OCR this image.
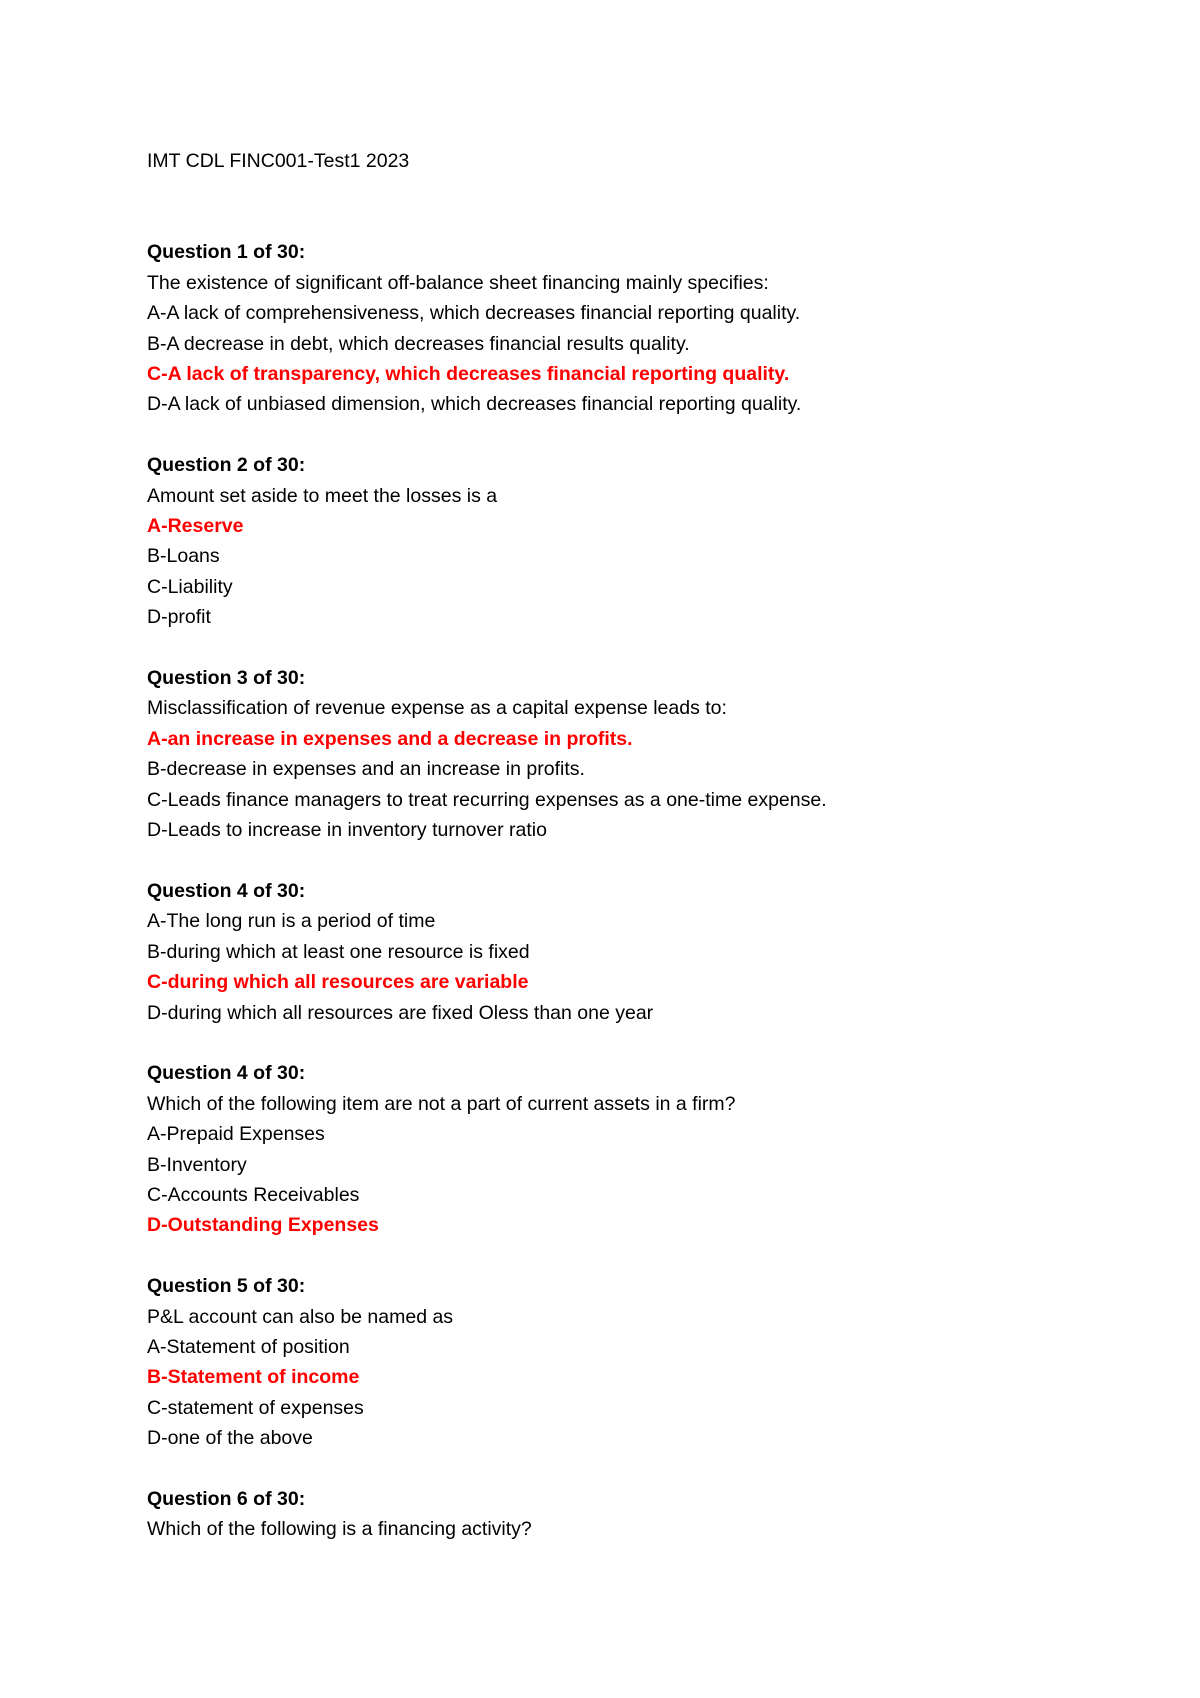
IMT CDL FINC001-Test1 2023
Question 1 of 30:
The existence of significant off-balance sheet financing mainly specifies:
A-A lack of comprehensiveness, which decreases financial reporting quality.
B-A decrease in debt, which decreases financial results quality.
C-A lack of transparency, which decreases financial reporting quality.
D-A lack of unbiased dimension, which decreases financial reporting quality.
Question 2 of 30:
Amount set aside to meet the losses is a
A-Reserve
B-Loans
C-Liability
D-profit
Question 3 of 30:
Misclassification of revenue expense as a capital expense leads to:
A-an increase in expenses and a decrease in profits.
B-decrease in expenses and an increase in profits.
C-Leads finance managers to treat recurring expenses as a one-time expense.
D-Leads to increase in inventory turnover ratio
Question 4 of 30:
A-The long run is a period of time
B-during which at least one resource is fixed
C-during which all resources are variable
D-during which all resources are fixed Oless than one year
Question 4 of 30:
Which of the following item are not a part of current assets in a firm?
A-Prepaid Expenses
B-Inventory
C-Accounts Receivables
D-Outstanding Expenses
Question 5 of 30:
P&L account can also be named as
A-Statement of position
B-Statement of income
C-statement of expenses
D-one of the above
Question 6 of 30:
Which of the following is a financing activity?
